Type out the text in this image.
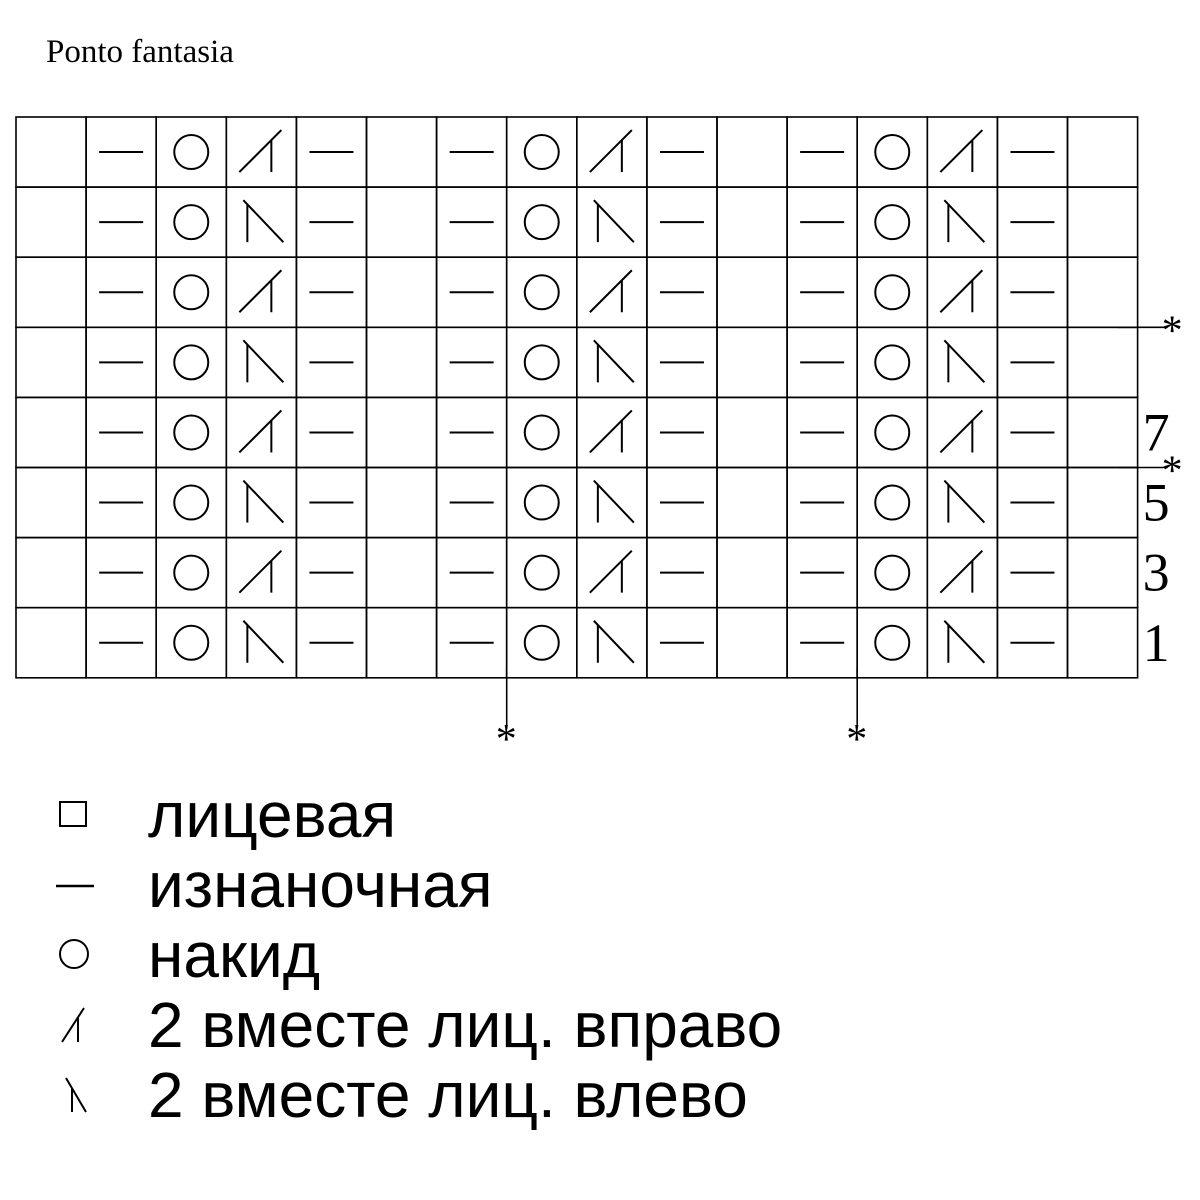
Ponto fantasia
*
*
*	*
7
5
3
1
лицевая
изнаночная
накид
2 вместе лиц. вправо
2 вместе лиц. влево
